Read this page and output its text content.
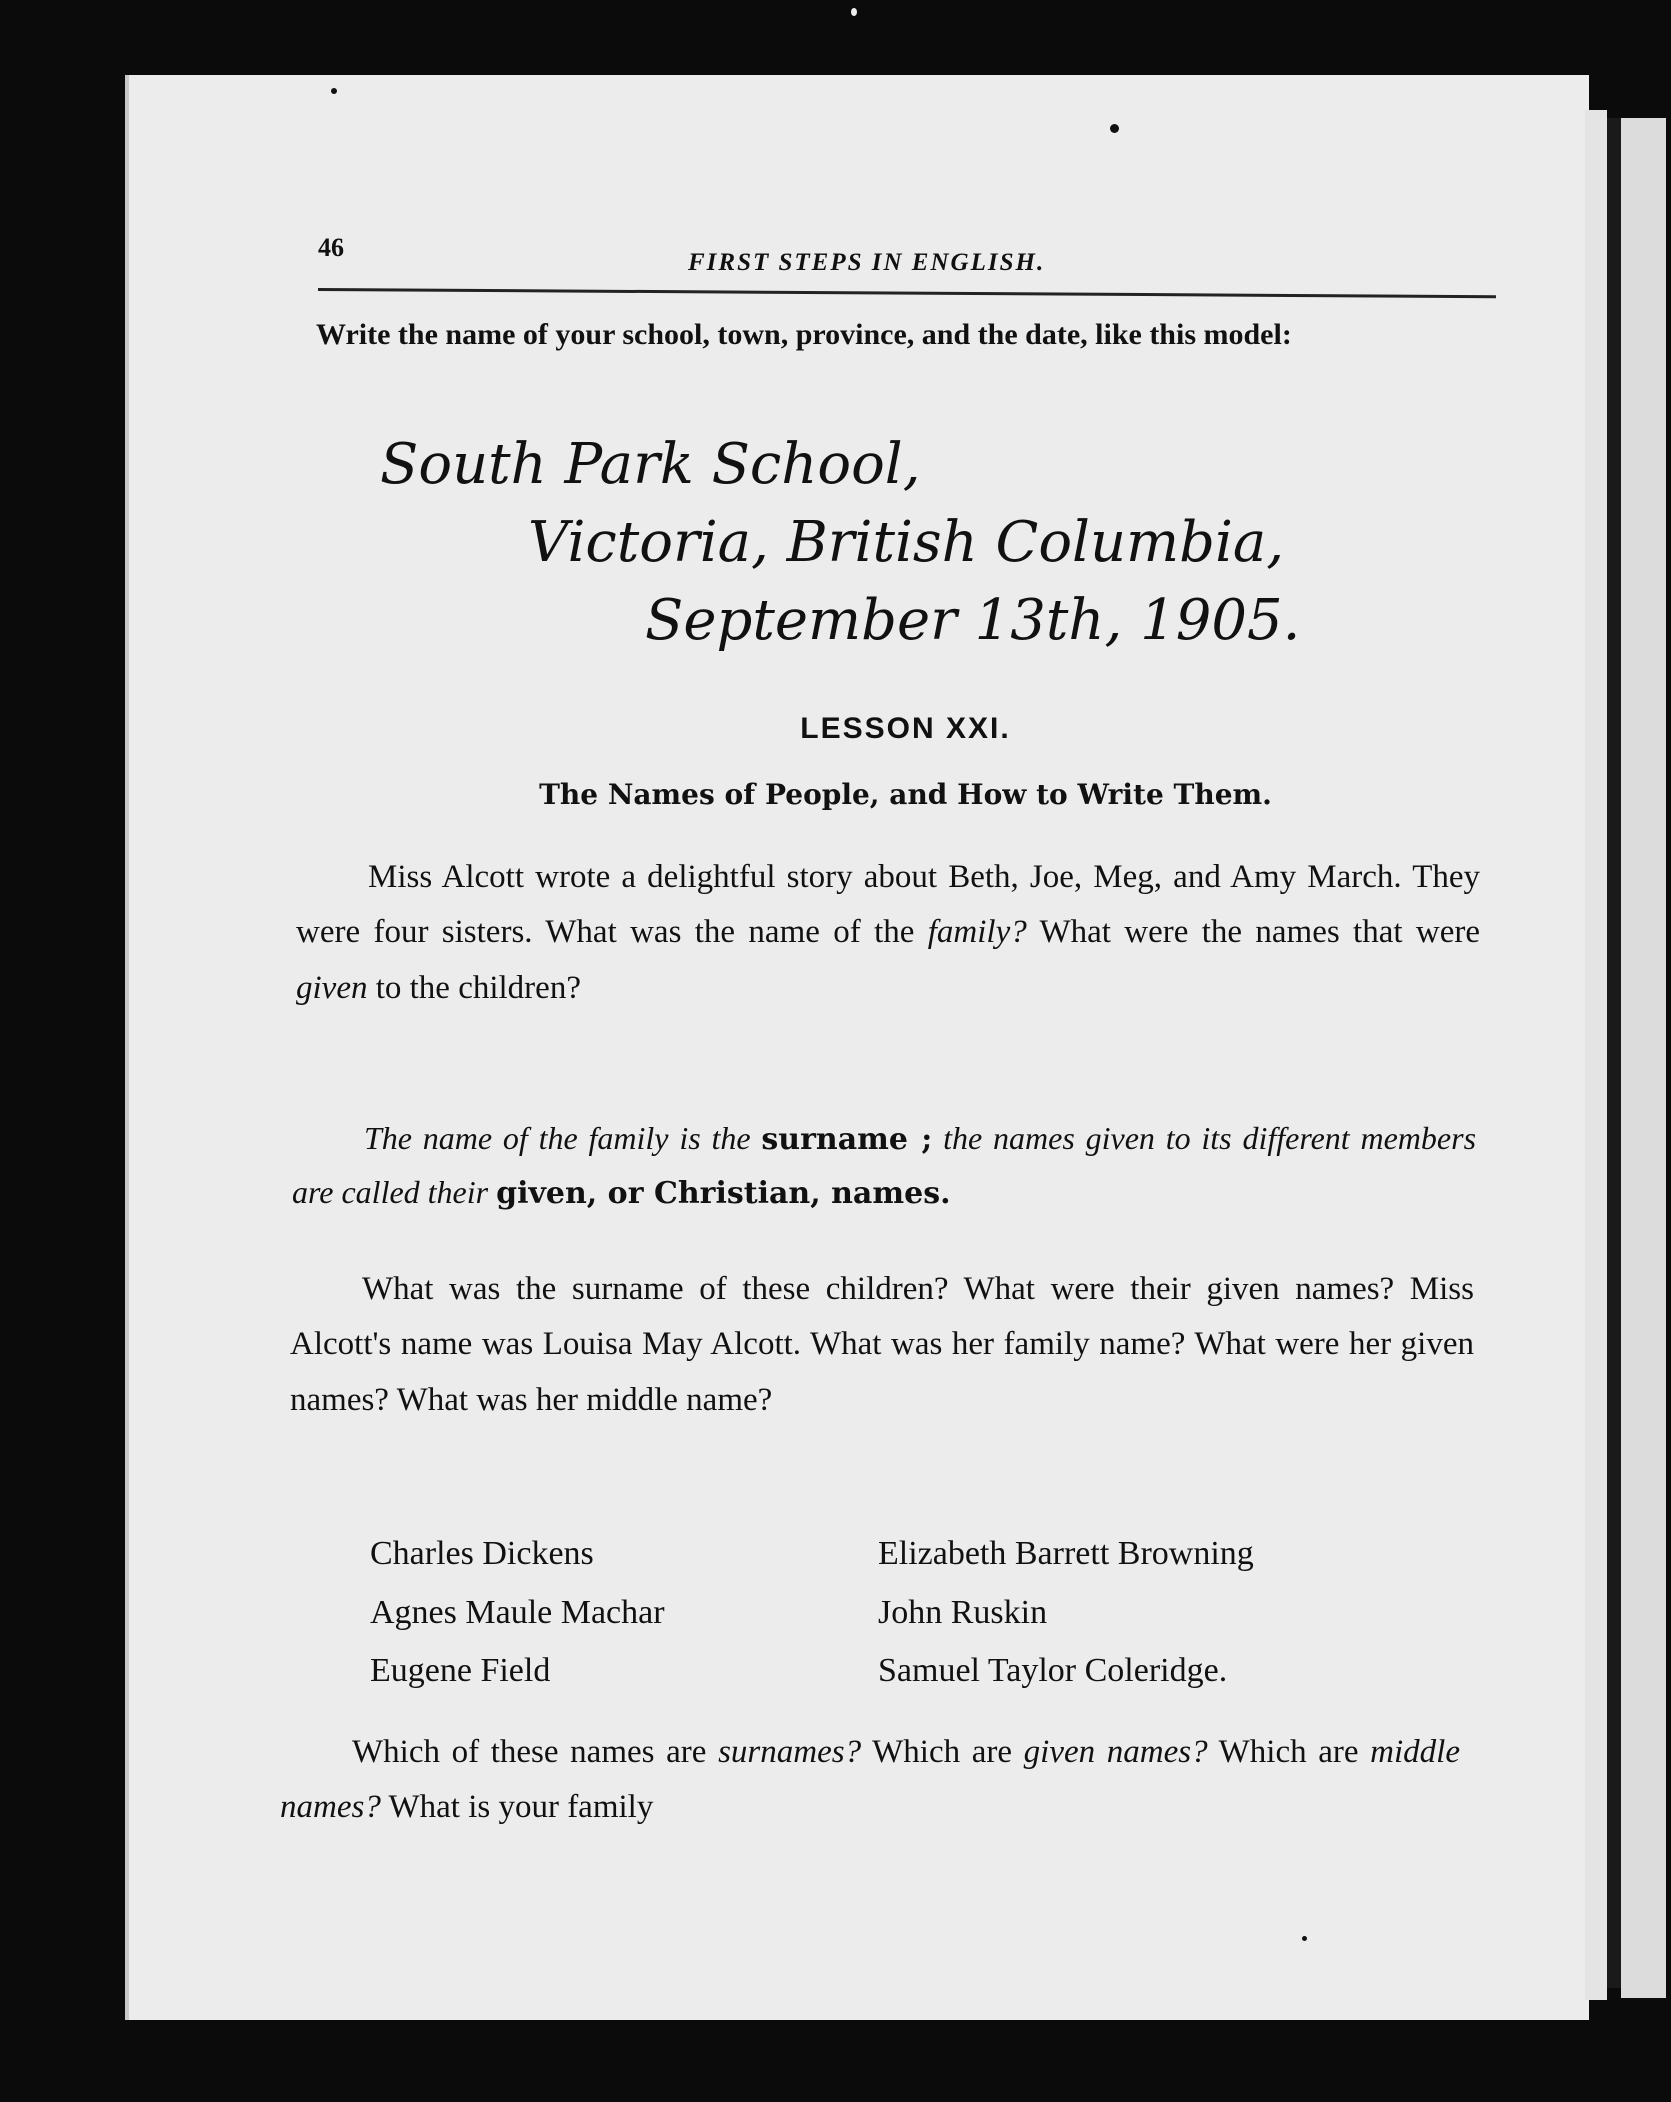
46
FIRST STEPS IN ENGLISH.
Write the name of your school, town, province, and the date, like this model:
South Park School,
Victoria, British Columbia,
September 13th, 1905.
LESSON XXI.
The Names of People, and How to Write Them.
Miss Alcott wrote a delightful story about Beth, Joe, Meg, and Amy March. They were four sisters. What was the name of the family? What were the names that were given to the children?
The name of the family is the surname ; the names given to its different members are called their given, or Christian, names.
What was the surname of these children? What were their given names? Miss Alcott's name was Louisa May Alcott. What was her family name? What were her given names? What was her middle name?
Charles Dickens	Elizabeth Barrett Browning
Agnes Maule Machar	John Ruskin
Eugene Field	Samuel Taylor Coleridge.
Which of these names are surnames? Which are given names? Which are middle names? What is your family
